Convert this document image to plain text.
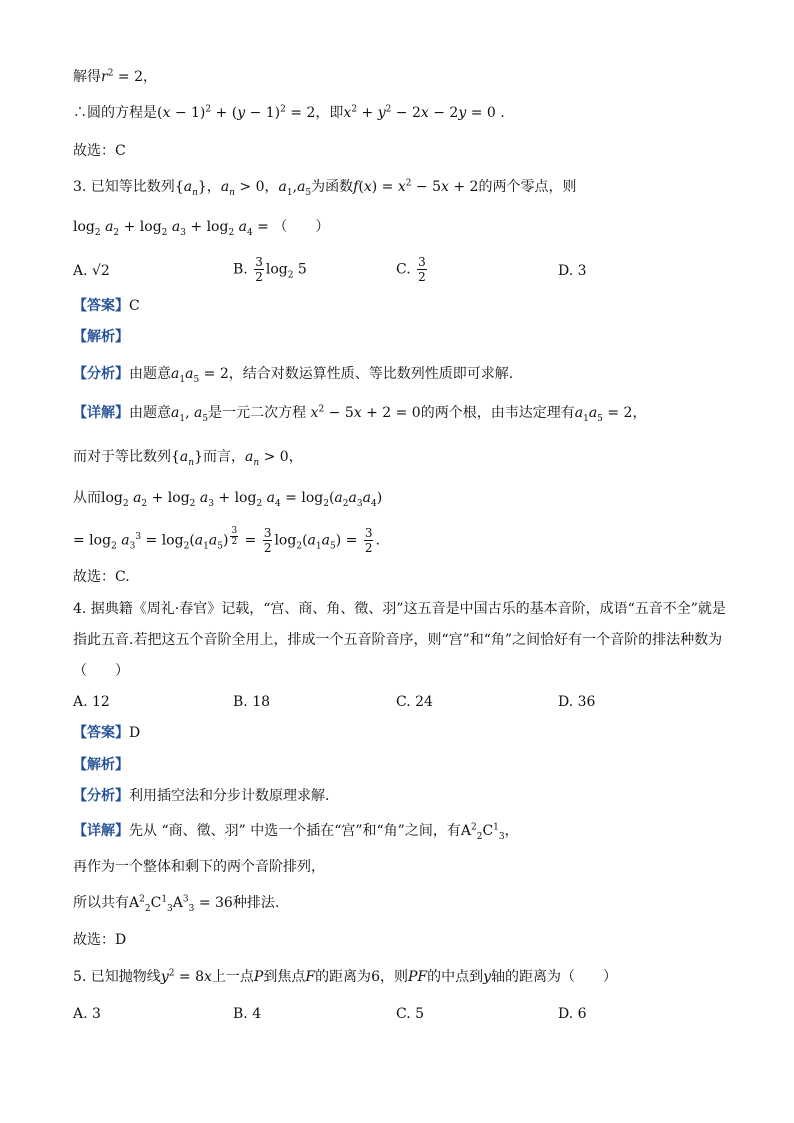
解得$r^2 = 2$，
∴圆的方程是$(x - 1)^2 + (y - 1)^2 = 2$，即$x^2 + y^2 - 2x - 2y = 0$ .
故选：C
3. 已知等比数列$\{a_n\}$，$a_n > 0$，$a_1,a_5$为函数$f(x) = x^2 - 5x + 2$的两个零点，则
$\log_2 a_2 + \log_2 a_3 + \log_2 a_4$ = （　　）
A. √2	B. $\frac{3}{2} \log_2 5$	C. $\frac{3}{2}$	D. 3
【答案】C
【解析】
【分析】由题意$a_1a_5 = 2$，结合对数运算性质、等比数列性质即可求解.
【详解】由题意$a_1$, $a_5$是一元二次方程 $x^2 - 5x + 2 = 0$的两个根，由韦达定理有$a_1a_5 = 2$，
而对于等比数列$\{a_n\}$而言，$a_n > 0$，
从而$\log_2 a_2 + \log_2 a_3 + \log_2 a_4 = \log_2(a_2a_3a_4)$
= $\log_2 a_3^3 = \log_2(a_1a_5) \frac{3}{2} = \frac{3}{2} \log_2(a_1a_5) = \frac{3}{2}$ .
故选：C.
4. 据典籍《周礼·春官》记载，“宫、商、角、徵、羽”这五音是中国古乐的基本音阶，成语“五音不全”就是
指此五音.若把这五个音阶全用上，排成一个五音阶音序，则“宫”和“角”之间恰好有一个音阶的排法种数为
（　　）
A. 12	B. 18	C. 24	D. 36
【答案】D
【解析】
【分析】利用插空法和分步计数原理求解.
【详解】先从 “商、徵、羽” 中选一个插在“宫”和“角”之间，有$A^2_2C^1_3$，
再作为一个整体和剩下的两个音阶排列，
所以共有$A^2_2C^1_3A^3_3 = 36$种排法.
故选：D
5. 已知抛物线$y^2 = 8x$上一点P到焦点F的距离为6，则PF的中点到y轴的距离为（　　）
A. 3	B. 4	C. 5	D. 6
